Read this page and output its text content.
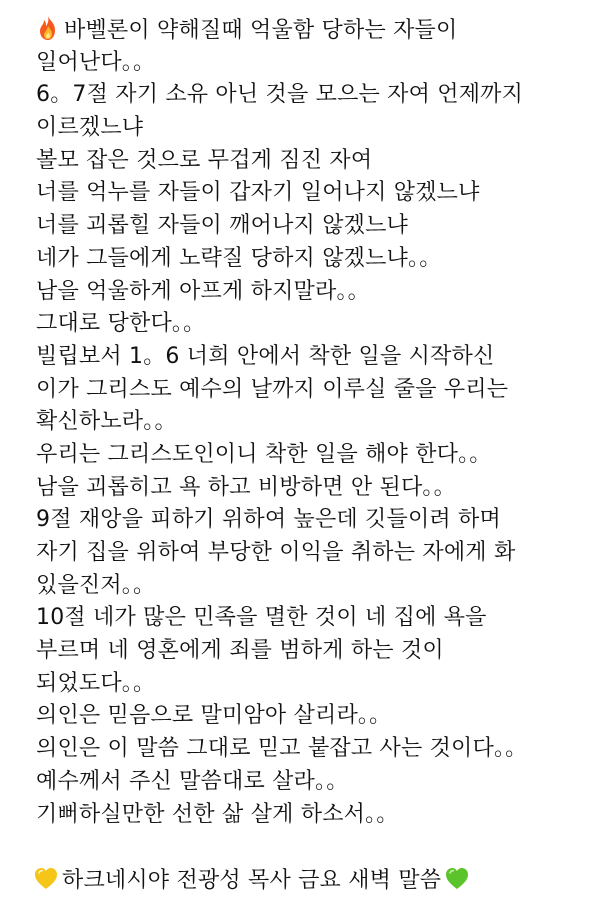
바벨론이 약해질때 억울함 당하는 자들이
일어난다。。
6。7절 자기 소유 아닌 것을 모으는 자여 언제까지
이르겠느냐
볼모 잡은 것으로 무겁게 짐진 자여
너를 억누를 자들이 갑자기 일어나지 않겠느냐
너를 괴롭힐 자들이 깨어나지 않겠느냐
네가 그들에게 노략질 당하지 않겠느냐。。
남을 억울하게 아프게 하지말라。。
그대로 당한다。。
빌립보서 1。6 너희 안에서 착한 일을 시작하신
이가 그리스도 예수의 날까지 이루실 줄을 우리는
확신하노라。。
우리는 그리스도인이니 착한 일을 해야 한다。。
남을 괴롭히고 욕 하고 비방하면 안 된다。。
9절 재앙을 피하기 위하여 높은데 깃들이려 하며
자기 집을 위하여 부당한 이익을 취하는 자에게 화
있을진저。。
10절 네가 많은 민족을 멸한 것이 네 집에 욕을
부르며 네 영혼에게 죄를 범하게 하는 것이
되었도다。。
의인은 믿음으로 말미암아 살리라。。
의인은 이 말씀 그대로 믿고 붙잡고 사는 것이다。。
예수께서 주신 말씀대로 살라。。
기뻐하실만한 선한 삶 살게 하소서。。
하크네시야 전광성 목사 금요 새벽 말씀
